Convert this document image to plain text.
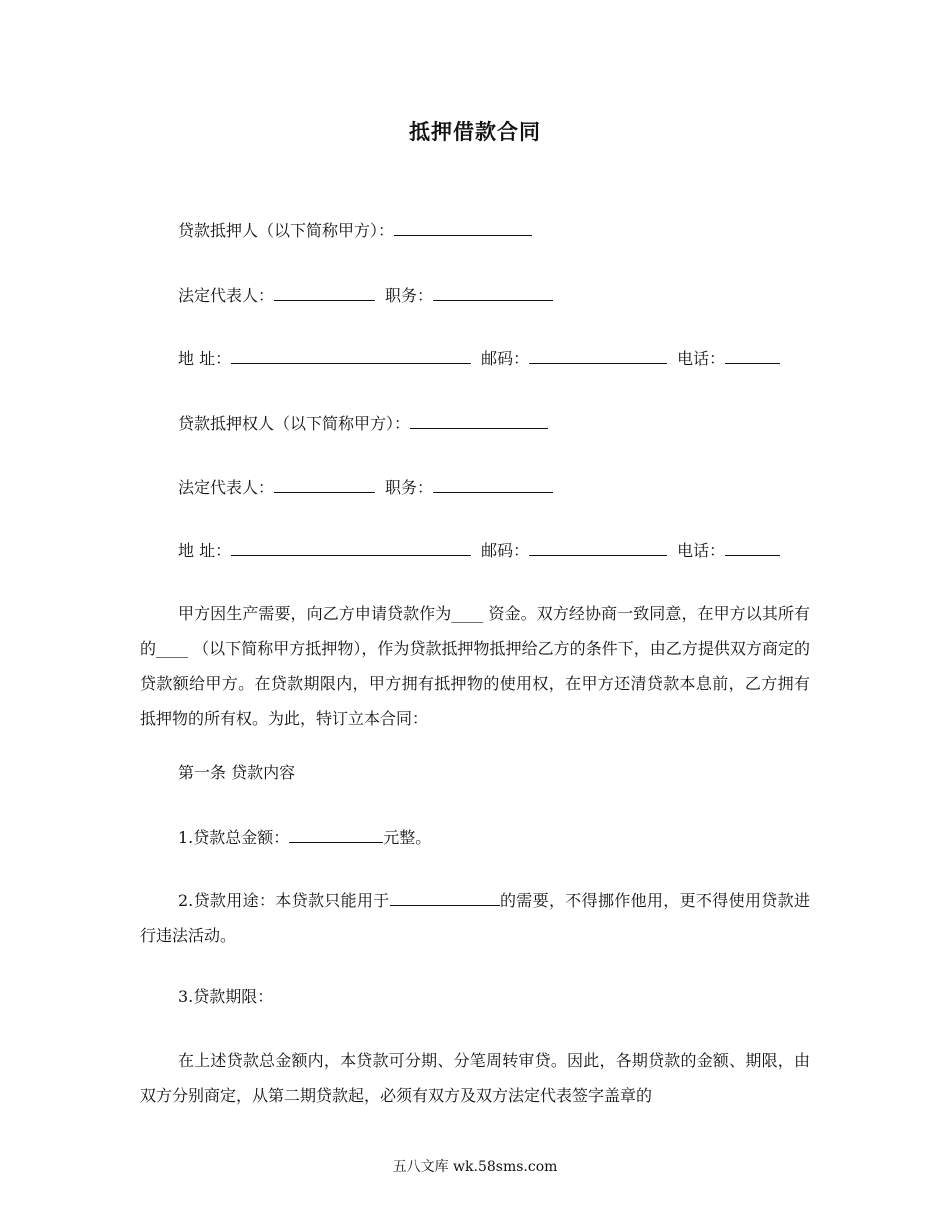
抵押借款合同
贷款抵押人（以下简称甲方）：
法定代表人：	职务：
地 址：	邮码：	电话：
贷款抵押权人（以下简称甲方）：
法定代表人：	职务：
地 址：	邮码：	电话：
甲方因生产需要，向乙方申请贷款作为____ 资金。双方经协商一致同意，在甲方以其所有的____ （以下简称甲方抵押物），作为贷款抵押物抵押给乙方的条件下，由乙方提供双方商定的贷款额给甲方。在贷款期限内，甲方拥有抵押物的使用权，在甲方还清贷款本息前，乙方拥有抵押物的所有权。为此，特订立本合同：
第一条 贷款内容
1.贷款总金额：	元整。
2.贷款用途：本贷款只能用于	的需要，不得挪作他用，更不得使用贷款进行违法活动。
3.贷款期限：
在上述贷款总金额内，本贷款可分期、分笔周转审贷。因此，各期贷款的金额、期限，由双方分别商定，从第二期贷款起，必须有双方及双方法定代表签字盖章的
五八文库 wk.58sms.com
